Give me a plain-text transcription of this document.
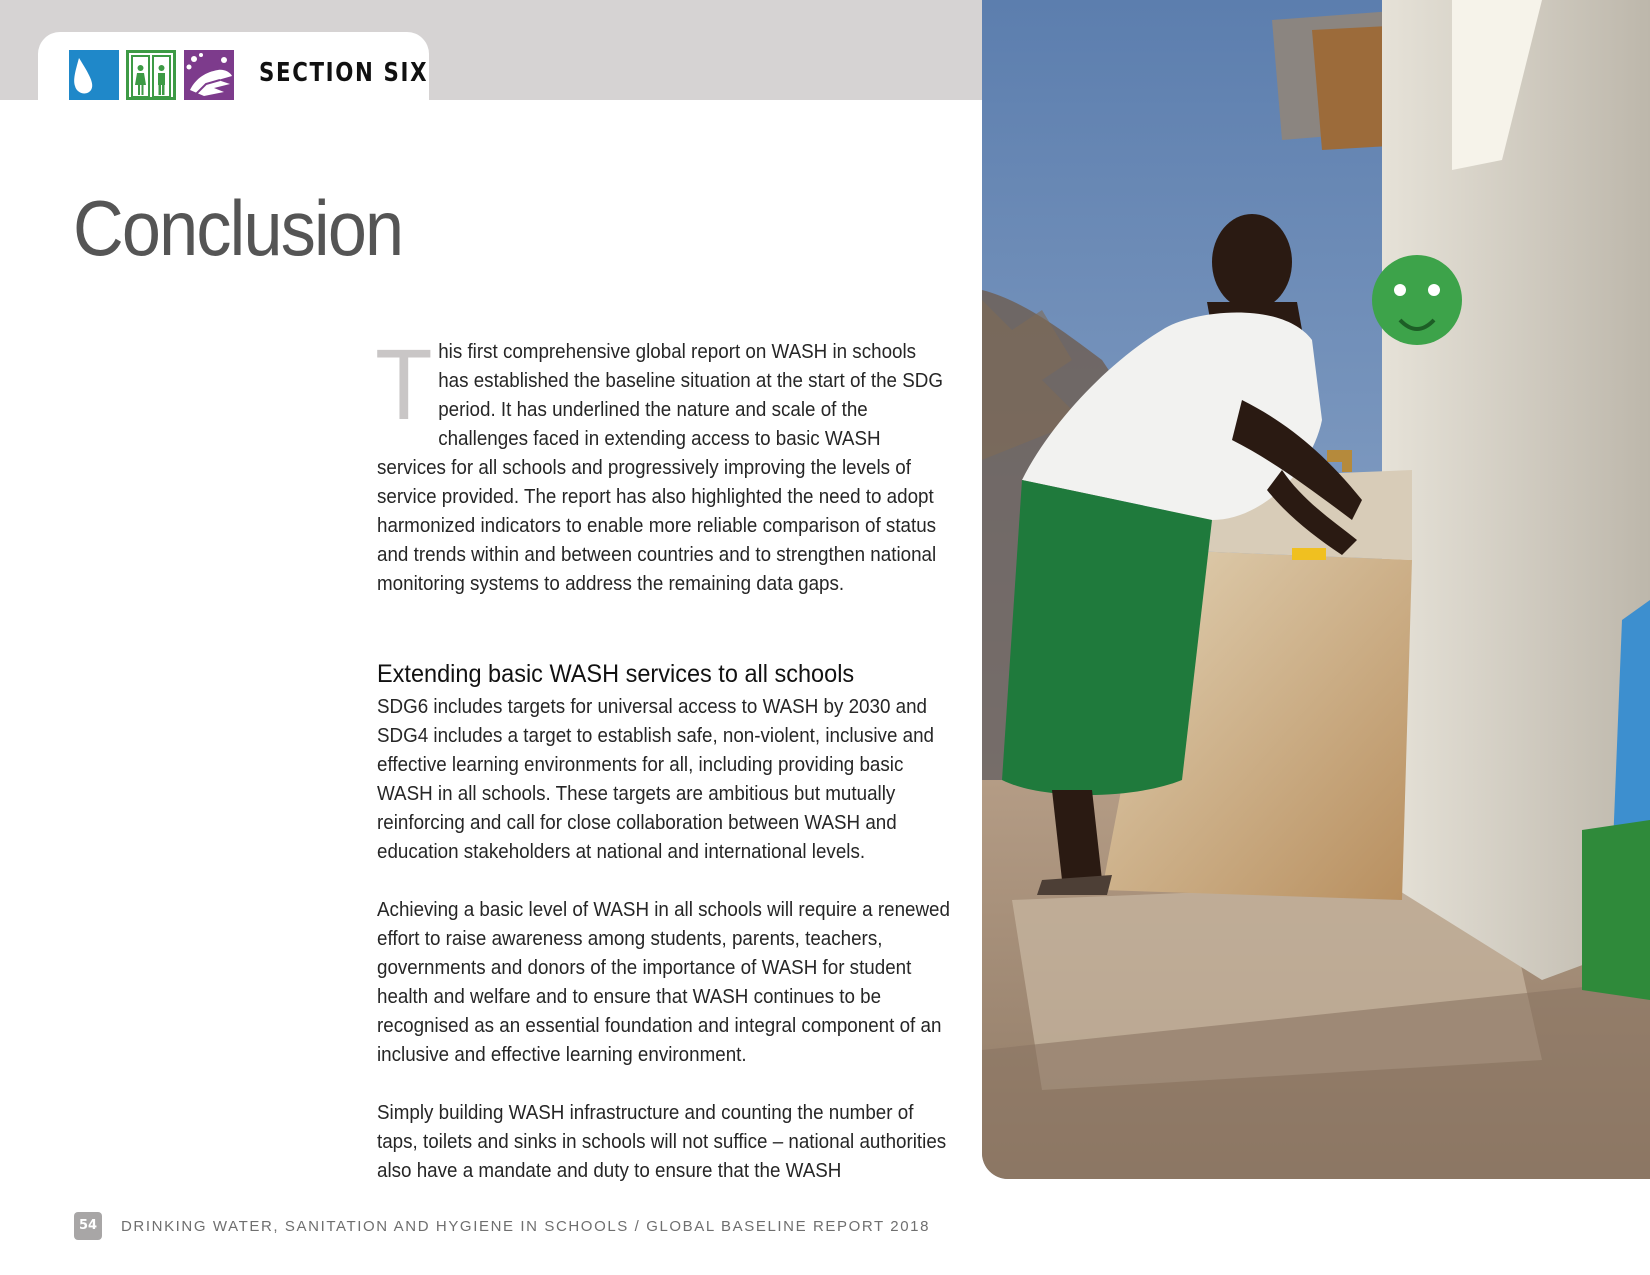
SECTION SIX
Conclusion

This first comprehensive global report on WASH in schools has established the baseline situation at the start of the SDG period. It has underlined the nature and scale of the challenges faced in extending access to basic WASH services for all schools and progressively improving the levels of service provided. The report has also highlighted the need to adopt harmonized indicators to enable more reliable comparison of status and trends within and between countries and to strengthen national monitoring systems to address the remaining data gaps.

Extending basic WASH services to all schools

SDG6 includes targets for universal access to WASH by 2030 and SDG4 includes a target to establish safe, non-violent, inclusive and effective learning environments for all, including providing basic WASH in all schools. These targets are ambitious but mutually reinforcing and call for close collaboration between WASH and education stakeholders at national and international levels.

Achieving a basic level of WASH in all schools will require a renewed effort to raise awareness among students, parents, teachers, governments and donors of the importance of WASH for student health and welfare and to ensure that WASH continues to be recognised as an essential foundation and integral component of an inclusive and effective learning environment.

Simply building WASH infrastructure and counting the number of taps, toilets and sinks in schools will not suffice – national authorities also have a mandate and duty to ensure that the WASH

54	DRINKING WATER, SANITATION AND HYGIENE IN SCHOOLS / GLOBAL BASELINE REPORT 2018
